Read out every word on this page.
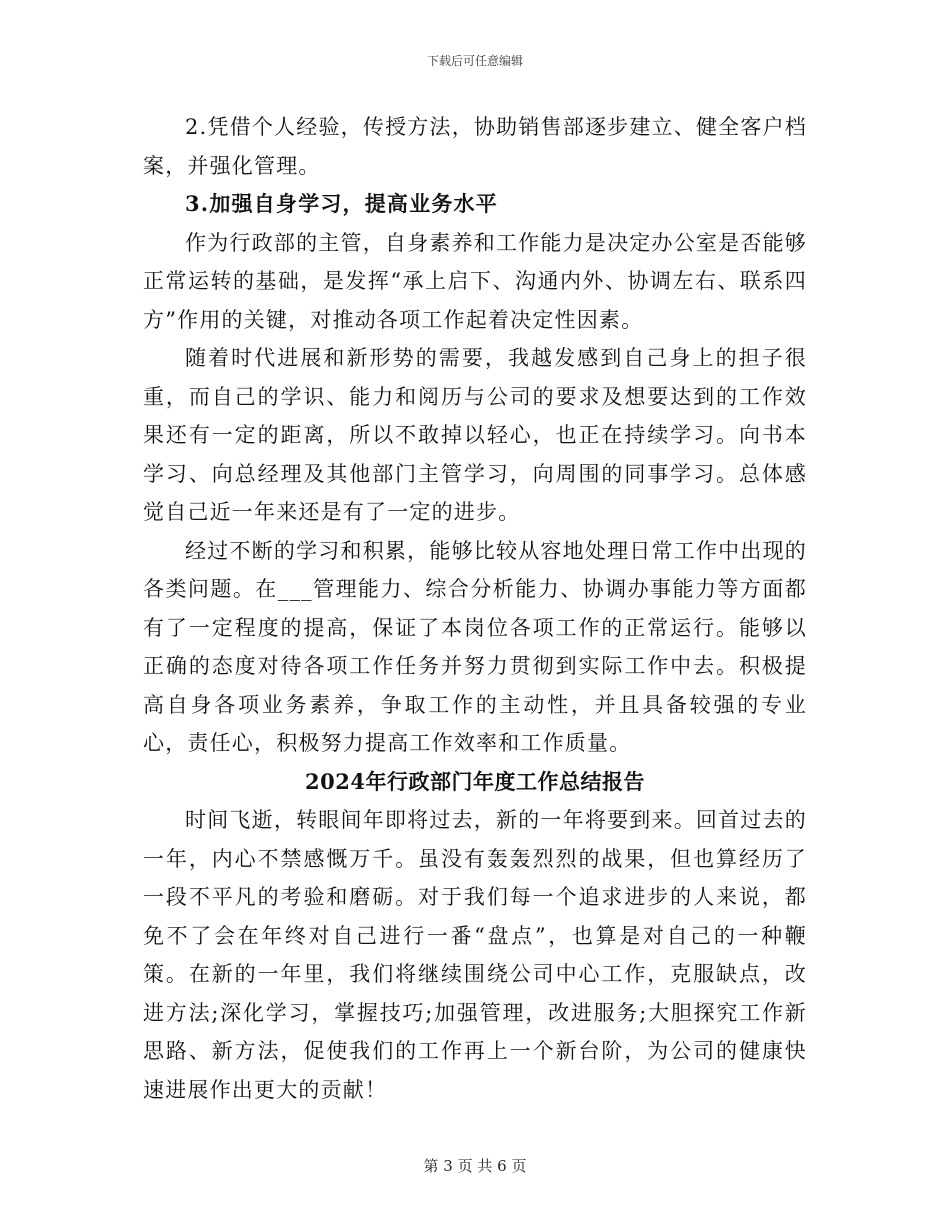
下载后可任意编辑

2.凭借个人经验，传授方法，协助销售部逐步建立、健全客户档案，并强化管理。

3.加强自身学习，提高业务水平

作为行政部的主管，自身素养和工作能力是决定办公室是否能够正常运转的基础，是发挥“承上启下、沟通内外、协调左右、联系四方”作用的关键，对推动各项工作起着决定性因素。

随着时代进展和新形势的需要，我越发感到自己身上的担子很重，而自己的学识、能力和阅历与公司的要求及想要达到的工作效果还有一定的距离，所以不敢掉以轻心，也正在持续学习。向书本学习、向总经理及其他部门主管学习，向周围的同事学习。总体感觉自己近一年来还是有了一定的进步。

经过不断的学习和积累，能够比较从容地处理日常工作中出现的各类问题。在___管理能力、综合分析能力、协调办事能力等方面都有了一定程度的提高，保证了本岗位各项工作的正常运行。能够以正确的态度对待各项工作任务并努力贯彻到实际工作中去。积极提高自身各项业务素养，争取工作的主动性，并且具备较强的专业心，责任心，积极努力提高工作效率和工作质量。

2024年行政部门年度工作总结报告

时间飞逝，转眼间年即将过去，新的一年将要到来。回首过去的一年，内心不禁感慨万千。虽没有轰轰烈烈的战果，但也算经历了一段不平凡的考验和磨砺。对于我们每一个追求进步的人来说，都免不了会在年终对自己进行一番“盘点”，也算是对自己的一种鞭策。在新的一年里，我们将继续围绕公司中心工作，克服缺点，改进方法;深化学习，掌握技巧;加强管理，改进服务;大胆探究工作新思路、新方法，促使我们的工作再上一个新台阶，为公司的健康快速进展作出更大的贡献！

第 3 页 共 6 页
